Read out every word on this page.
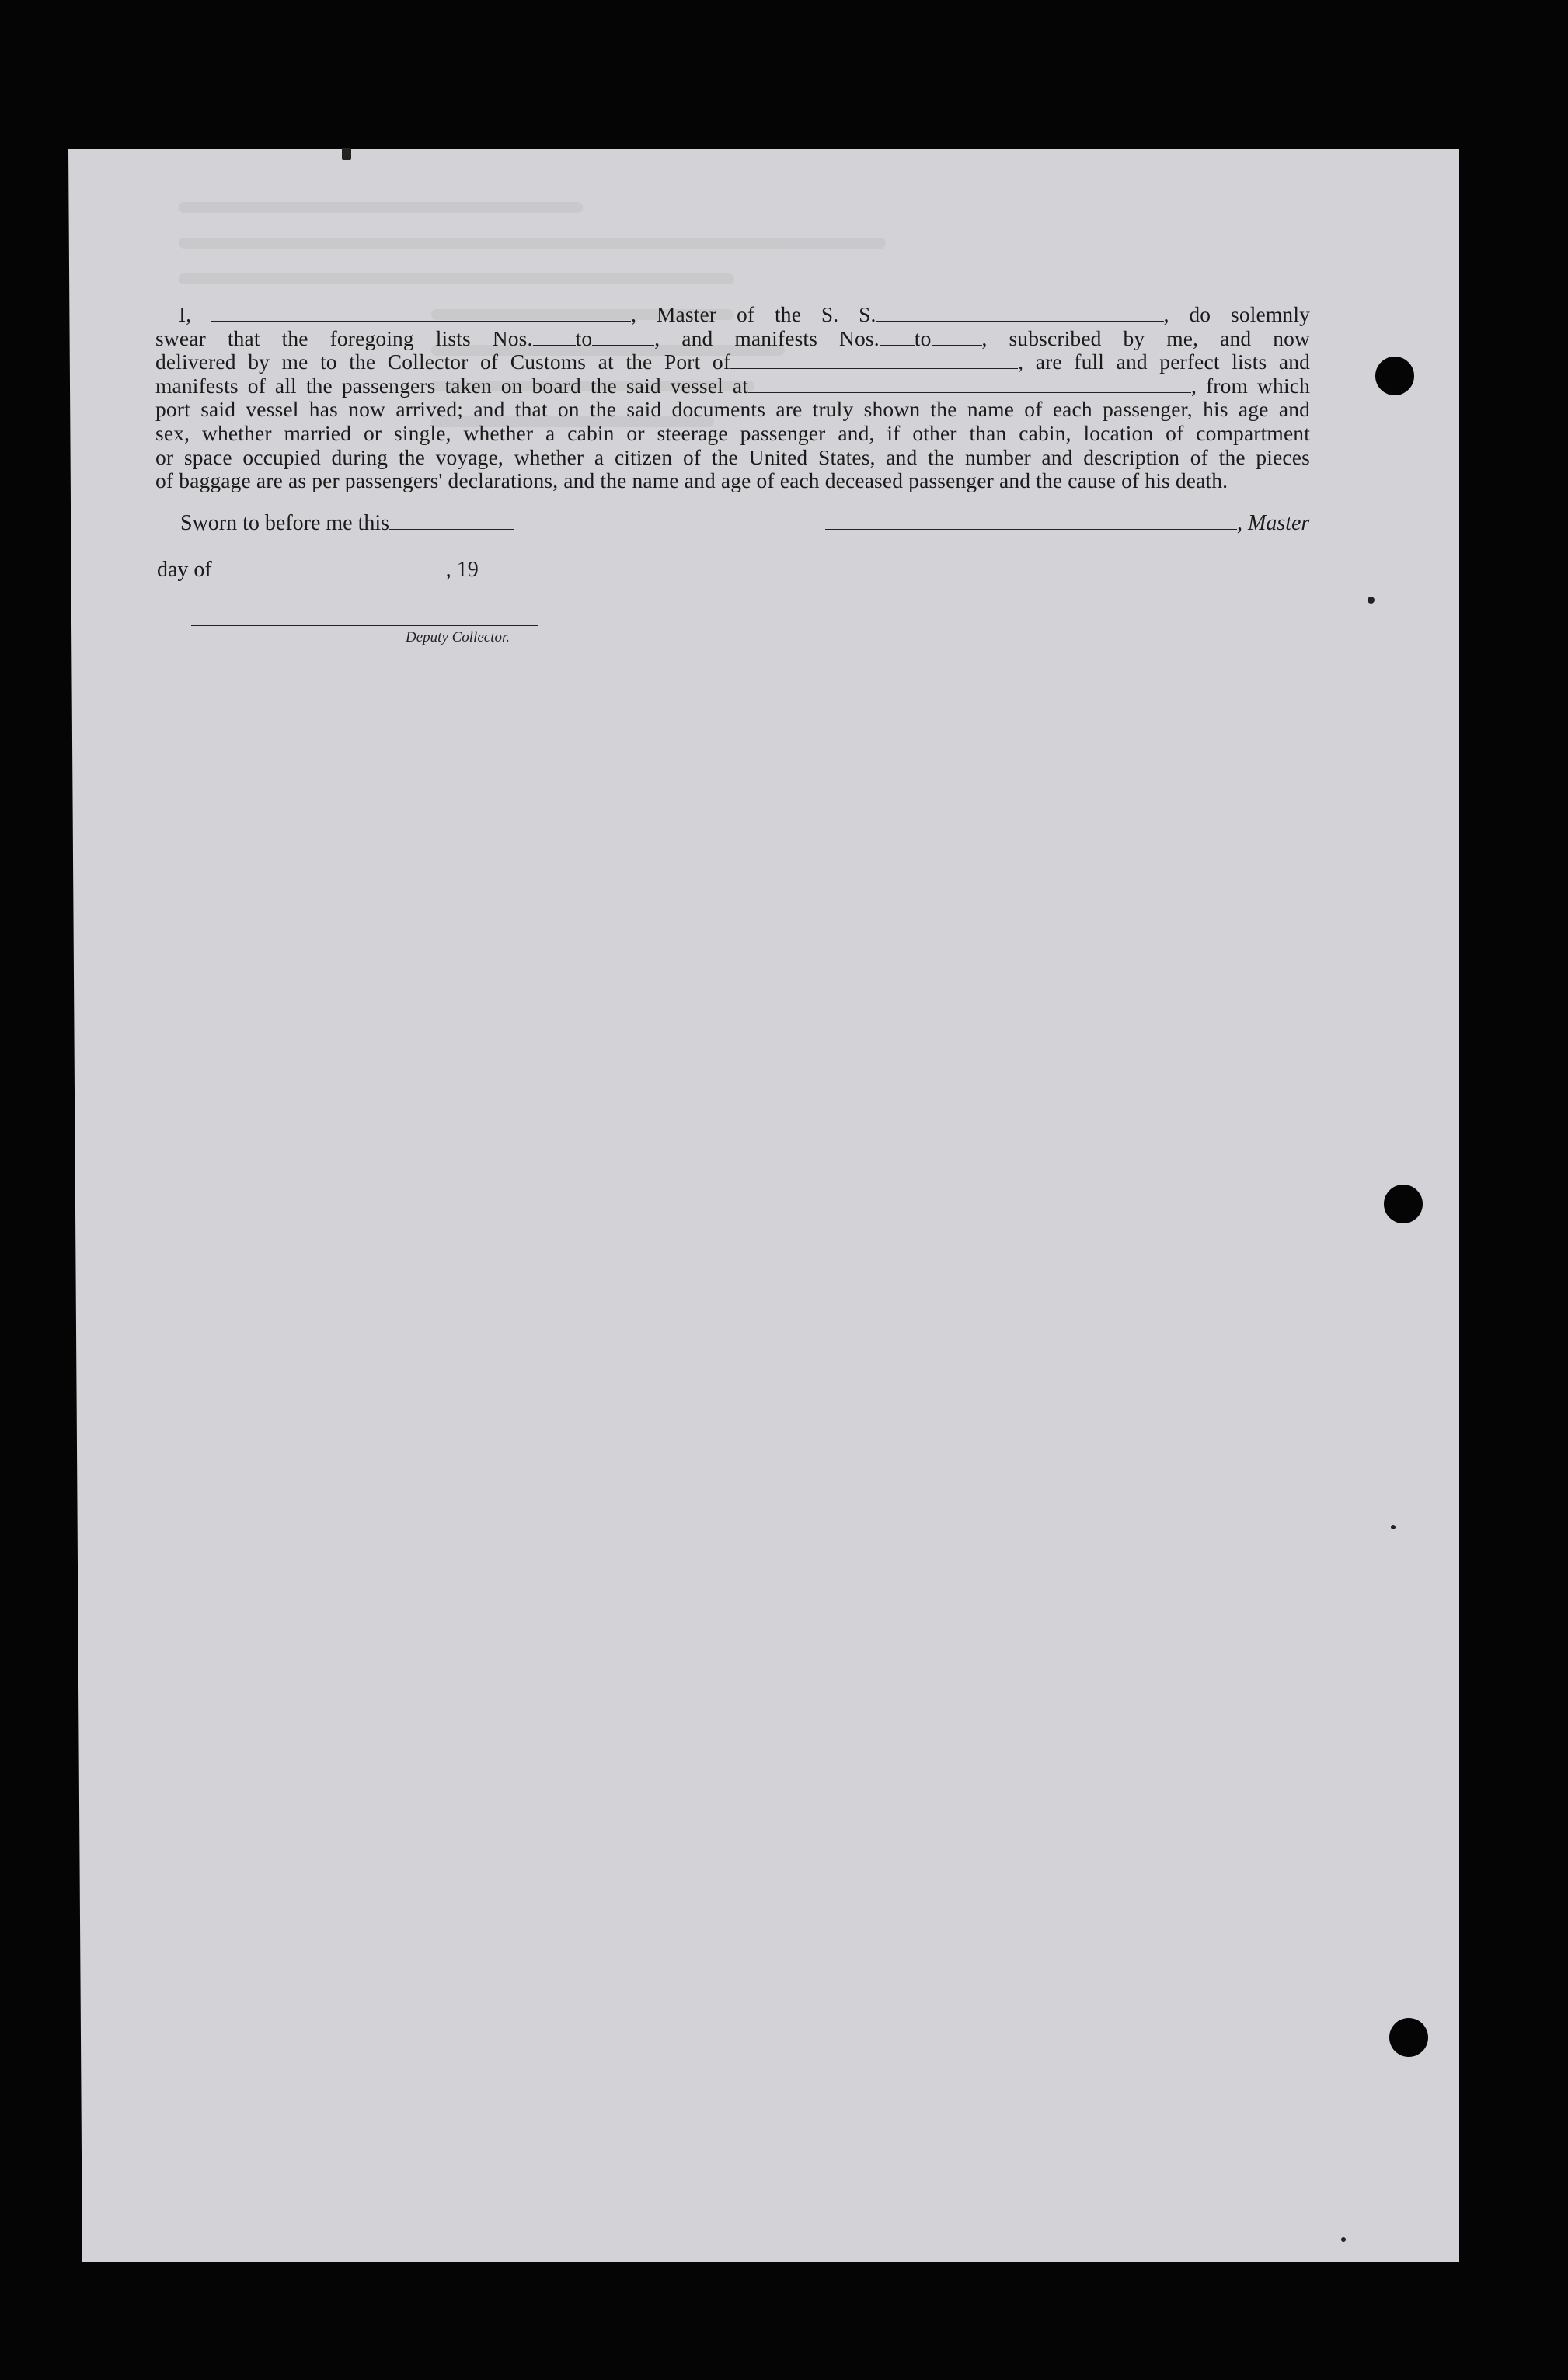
I,	, Master of the S. S.	, do solemnly
swear that the foregoing lists Nos. to	, and manifests Nos. to , subscribed by me, and now
delivered by me to the Collector of Customs at the Port of	, are full and perfect lists and
manifests of all the passengers taken on board the said vessel at	, from which
port said vessel has now arrived; and that on the said documents are truly shown the name of each passenger, his age and
sex, whether married or single, whether a cabin or steerage passenger and, if other than cabin, location of compartment
or space occupied during the voyage, whether a citizen of the United States, and the number and description of the pieces
of baggage are as per passengers' declarations, and the name and age of each deceased passenger and the cause of his death.
Sworn to before me this	, Master
day of	, 19
Deputy Collector.
